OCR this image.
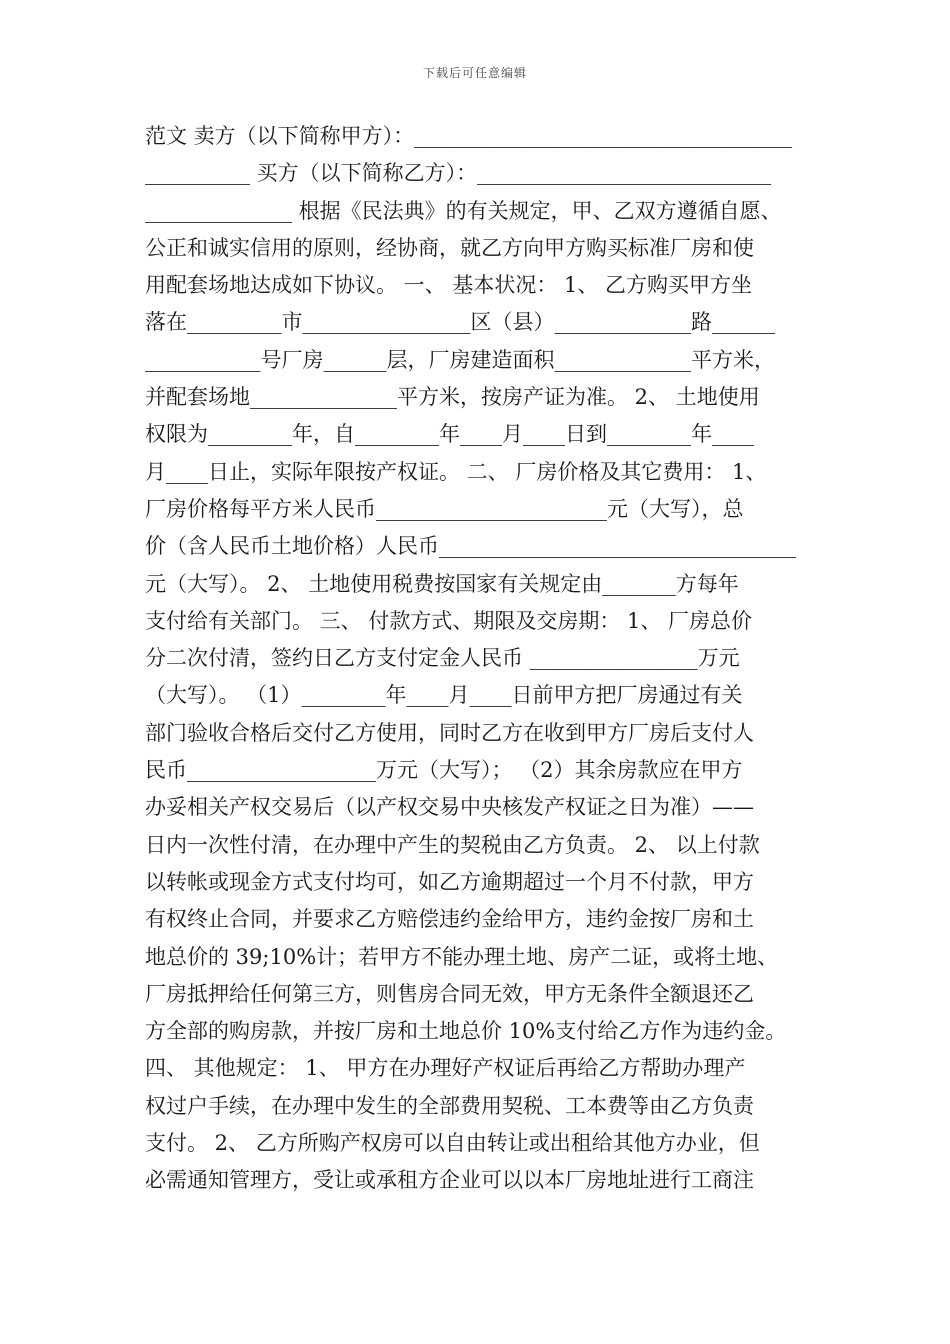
下载后可任意编辑
范文 卖方（以下简称甲方）：____________________________________
__________ 买方（以下简称乙方）：____________________________
______________ 根据《民法典》的有关规定，甲、乙双方遵循自愿、
公正和诚实信用的原则，经协商，就乙方向甲方购买标准厂房和使
用配套场地达成如下协议。 一、 基本状况： 1、 乙方购买甲方坐
落在_________市________________区（县）_____________路______
___________号厂房______层，厂房建造面积_____________平方米，
并配套场地______________平方米，按房产证为准。 2、 土地使用
权限为________年，自________年____月____日到________年____
月____日止，实际年限按产权证。 二、 厂房价格及其它费用： 1、
厂房价格每平方米人民币______________________元（大写），总
价（含人民币土地价格）人民币__________________________________
元（大写）。 2、 土地使用税费按国家有关规定由_______方每年
支付给有关部门。 三、 付款方式、期限及交房期： 1、 厂房总价
分二次付清，签约日乙方支付定金人民币 ________________万元
（大写）。 （1）________年____月____日前甲方把厂房通过有关
部门验收合格后交付乙方使用，同时乙方在收到甲方厂房后支付人
民币__________________万元（大写）； （2）其余房款应在甲方
办妥相关产权交易后（以产权交易中央核发产权证之日为准）——
日内一次性付清，在办理中产生的契税由乙方负责。 2、 以上付款
以转帐或现金方式支付均可，如乙方逾期超过一个月不付款，甲方
有权终止合同，并要求乙方赔偿违约金给甲方，违约金按厂房和土
地总价的 39;10%计；若甲方不能办理土地、房产二证，或将土地、
厂房抵押给任何第三方，则售房合同无效，甲方无条件全额退还乙
方全部的购房款，并按厂房和土地总价 10%支付给乙方作为违约金。
四、 其他规定： 1、 甲方在办理好产权证后再给乙方帮助办理产
权过户手续，在办理中发生的全部费用契税、工本费等由乙方负责
支付。 2、 乙方所购产权房可以自由转让或出租给其他方办业，但
必需通知管理方，受让或承租方企业可以以本厂房地址进行工商注
